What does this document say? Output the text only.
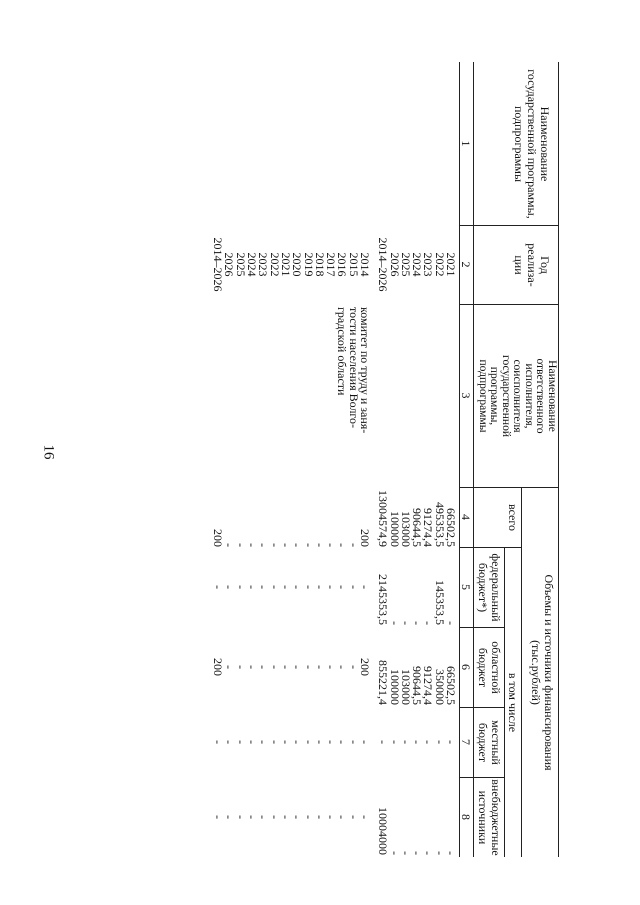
16
Наименование
государственной программы,
подпрограммы
Год
реализа-
ции
Наименование
ответственного
исполнителя,
соисполнителя
государственной
программы,
подпрограммы
Объемы и источники финансирования
(тыс.рублей)
всего
в том числе
федеральный
бюджет*)
областной
бюджет
местный
бюджет
внебюджетные
источники
1
2
3
4
5
6
7
8
2021
2022
2023
2024
2025
2026
2014–2026
66502,5
495353,5
91274,4
90644,5
103000
100000
13004574,9
-
145353,5
-
-
-
-
2145353,5
66502,5
350000
91274,4
90644,5
103000
100000
855221,4
-
-
-
-
-
-
-
-
-
-
-
-
-
10004000
комитет по труду и заня-
тости населения Волго-
градской области
2014
2015
2016
2017
2018
2019
2020
2021
2022
2023
2024
2025
2026
2014–2026
200
-
-
-
-
-
-
-
-
-
-
-
-
200
-
-
-
-
-
-
-
-
-
-
-
-
-
-
200
-
-
-
-
-
-
-
-
-
-
-
-
200
-
-
-
-
-
-
-
-
-
-
-
-
-
-
-
-
-
-
-
-
-
-
-
-
-
-
-
-
